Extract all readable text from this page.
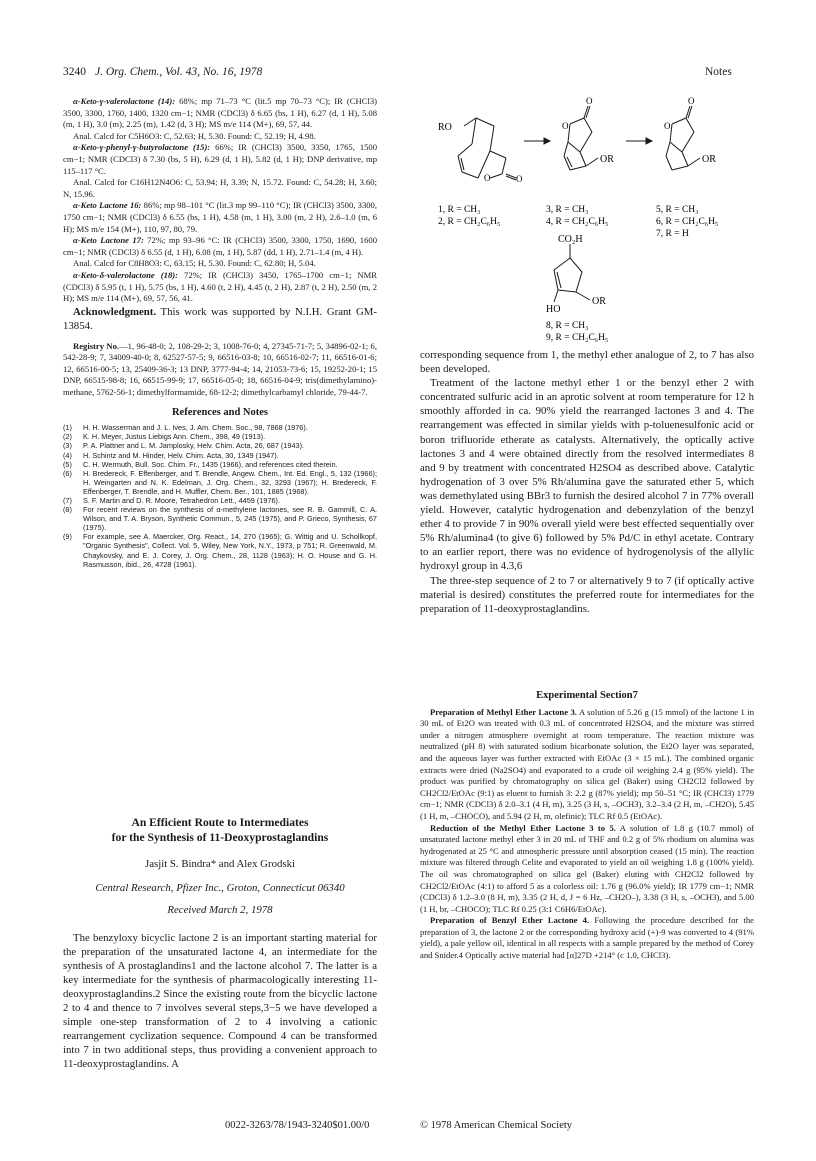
3240 J. Org. Chem., Vol. 43, No. 16, 1978	Notes

α-Keto-γ-valerolactone (14): 68%; mp 71–73 °C (lit.5 mp 70–73 °C); IR (CHCl3) 3500, 3300, 1760, 1400, 1320 cm−1; NMR (CDCl3) δ 6.65 (bs, 1 H), 6.27 (d, 1 H), 5.08 (m, 1 H), 3.0 (m), 2.25 (m), 1.42 (d, 3 H); MS m/e 114 (M+), 69, 57, 44.

Anal. Calcd for C5H6O3: C, 52.63; H, 5.30. Found: C, 52.19; H, 4.98.

α-Keto-γ-phenyl-γ-butyrolactone (15): 66%; IR (CHCl3) 3500, 3350, 1765, 1500 cm−1; NMR (CDCl3) δ 7.30 (bs, 5 H), 6.29 (d, 1 H), 5.82 (d, 1 H); DNP derivative, mp 115–117 °C.

Anal. Calcd for C16H12N4O6: C, 53.94; H, 3.39; N, 15.72. Found: C, 54.28; H, 3.60; N, 15.96.

α-Keto Lactone 16: 86%; mp 98–101 °C (lit.3 mp 99–110 °C); IR (CHCl3) 3500, 3300, 1750 cm−1; NMR (CDCl3) δ 6.55 (bs, 1 H), 4.58 (m, 1 H), 3.00 (m, 2 H), 2.6–1.0 (m, 6 H); MS m/e 154 (M+), 110, 97, 80, 79.

α-Keto Lactone 17: 72%; mp 93–96 °C: IR (CHCl3) 3500, 3300, 1750, 1690, 1600 cm−1; NMR (CDCl3) δ 6.55 (d, 1 H), 6.08 (m, 1 H), 5.87 (dd, 1 H), 2.71–1.4 (m, 4 H).

Anal. Calcd for C8H8O3: C, 63.15; H, 5.30. Found: C, 62.80; H, 5.04.

α-Keto-δ-valerolactone (18): 72%; IR (CHCl3) 3450, 1765–1700 cm−1; NMR (CDCl3) δ 5.95 (t, 1 H), 5.75 (bs, 1 H), 4.60 (t, 2 H), 4.45 (t, 2 H), 2.87 (t, 2 H), 2.50 (m, 2 H); MS m/e 114 (M+), 69, 57, 56, 41.

Acknowledgment. This work was supported by N.I.H. Grant GM-13854.

Registry No.—1, 96-48-0; 2, 108-29-2; 3, 1008-76-0; 4, 27345-71-7; 5, 34896-02-1; 6, 542-28-9; 7, 34009-40-0; 8, 62527-57-5; 9, 66516-03-8; 10, 66516-02-7; 11, 66516-01-6; 12, 66516-00-5; 13, 25409-36-3; 13 DNP, 3777-94-4; 14, 21053-73-6; 15, 19252-20-1; 15 DNP, 66515-98-8; 16, 66515-99-9; 17, 66516-05-0; 18, 66516-04-9; tris(dimethylamino)-methane, 5762-56-1; dimethylformamide, 68-12-2; dimethylcarbamyl chloride, 79-44-7.

References and Notes
(1)	H. H. Wasserman and J. L. Ives, J. Am. Chem. Soc., 98, 7868 (1976).
(2)	K. H. Meyer, Justus Liebigs Ann. Chem., 398, 49 (1913).
(3)	P. A. Plattner and L. M. Jamplosky, Helv. Chim. Acta, 26, 687 (1943).
(4)	H. Schintz and M. Hinder, Helv. Chim. Acta, 30, 1349 (1947).
(5)	C. H. Wermuth, Bull. Soc. Chim. Fr., 1435 (1966), and references cited therein.
(6)	H. Bredereck, F. Effenberger, and T. Brendle, Angew. Chem., Int. Ed. Engl., 5, 132 (1966); H. Weingarten and N. K. Edelman, J. Org. Chem., 32, 3293 (1967); H. Bredereck, F. Effenberger, T. Brendle, and H. Muffler, Chem. Ber., 101, 1885 (1968).
(7)	S. F. Martin and D. R. Moore, Tetrahedron Lett., 4459 (1976).
(8)	For recent reviews on the synthesis of α-methylene lactones, see R. B. Gammill, C. A. Wilson, and T. A. Bryson, Synthetic Commun., 5, 245 (1975), and P. Grieco, Synthesis, 67 (1975).
(9)	For example, see A. Maercker, Org. React., 14, 270 (1965); G. Wittig and U. Schollkopf, "Organic Synthesis", Collect. Vol. 5, Wiley, New York, N.Y., 1973, p 751; R. Greenwald, M. Chaykovsky, and E. J. Corey, J. Org. Chem., 28, 1128 (1963); H. O. House and G. H. Rasmusson, ibid., 26, 4728 (1961).
An Efficient Route to Intermediates
for the Synthesis of 11-Deoxyprostaglandins
Jasjit S. Bindra* and Alex Grodski
Central Research, Pfizer Inc., Groton, Connecticut 06340
Received March 2, 1978

The benzyloxy bicyclic lactone 2 is an important starting material for the preparation of the unsaturated lactone 4, an intermediate for the synthesis of A prostaglandins1 and the lactone alcohol 7. The latter is a key intermediate for the synthesis of pharmacologically interesting 11-deoxyprostaglandins.2 Since the existing route from the bicyclic lactone 2 to 4 and thence to 7 involves several steps,3−5 we have developed a simple one-step transformation of 2 to 4 involving a cationic rearrangement cyclization sequence. Compound 4 can be transformed into 7 in two additional steps, thus providing a convenient approach to 11-deoxyprostaglandins. A

RO
O	O
1, R = CH₃
2, R = CH₂C₆H₅
O
O
OR
3, R = CH₃
4, R = CH₂C₆H₅
O
O
OR
5, R = CH₃
6, R = CH₂C₆H₅
7, R = H
CO₂H
OR
HO
8, R = CH₃
9, R = CH₂C₆H₅

corresponding sequence from 1, the methyl ether analogue of 2, to 7 has also been developed.

Treatment of the lactone methyl ether 1 or the benzyl ether 2 with concentrated sulfuric acid in an aprotic solvent at room temperature for 12 h smoothly afforded in ca. 90% yield the rearranged lactones 3 and 4. The rearrangement was effected in similar yields with p-toluenesulfonic acid or boron trifluoride etherate as catalysts. Alternatively, the optically active lactones 3 and 4 were obtained directly from the resolved intermediates 8 and 9 by treatment with concentrated H2SO4 as described above. Catalytic hydrogenation of 3 over 5% Rh/alumina gave the saturated ether 5, which was demethylated using BBr3 to furnish the desired alcohol 7 in 77% overall yield. However, catalytic hydrogenation and debenzylation of the benzyl ether 4 to provide 7 in 90% overall yield were best effected sequentially over 5% Rh/alumina4 (to give 6) followed by 5% Pd/C in ethyl acetate. Contrary to an earlier report, there was no evidence of hydrogenolysis of the allylic hydroxyl group in 4.3,6

The three-step sequence of 2 to 7 or alternatively 9 to 7 (if optically active material is desired) constitutes the preferred route for intermediates for the preparation of 11-deoxyprostaglandins.

Experimental Section7

Preparation of Methyl Ether Lactone 3. A solution of 5.26 g (15 mmol) of the lactone 1 in 30 mL of Et2O was treated with 0.3 mL of concentrated H2SO4, and the mixture was stirred under a nitrogen atmosphere overnight at room temperature. The reaction mixture was neutralized (pH 8) with saturated sodium bicarbonate solution, the Et2O layer was separated, and the aqueous layer was further extracted with EtOAc (3 × 15 mL). The combined organic extracts were dried (Na2SO4) and evaporated to a crude oil weighing 2.4 g (95% yield). The product was purified by chromatography on silica gel (Baker) using CH2Cl2 followed by CH2Cl2/EtOAc (9:1) as eluent to furnish 3: 2.2 g (87% yield); mp 50–51 °C; IR (CHCl3) 1779 cm−1; NMR (CDCl3) δ 2.0–3.1 (4 H, m), 3.25 (3 H, s, –OCH3), 3.2–3.4 (2 H, m, –CH2O), 5.45 (1 H, m, –CHOCO), and 5.94 (2 H, m, olefinic); TLC Rf 0.5 (EtOAc).

Reduction of the Methyl Ether Lactone 3 to 5. A solution of 1.8 g (10.7 mmol) of unsaturated lactone methyl ether 3 in 20 mL of THF and 0.2 g of 5% rhodium on alumina was hydrogenated at 25 °C and atmospheric pressure until absorption ceased (15 min). The reaction mixture was filtered through Celite and evaporated to yield an oil weighing 1.8 g (100% yield). The oil was chromatographed on silica gel (Baker) eluting with CH2Cl2 followed by CH2Cl2/EtOAc (4:1) to afford 5 as a colorless oil: 1.76 g (96.0% yield); IR 1779 cm−1; NMR (CDCl3) δ 1.2–3.0 (8 H, m), 3.35 (2 H, d, J = 6 Hz, –CH2O–), 3.38 (3 H, s, –OCH3), and 5.00 (1 H, br, –CHOCO); TLC Rf 0.25 (3:1 C6H6/EtOAc).

Preparation of Benzyl Ether Lactone 4. Following the procedure described for the preparation of 3, the lactone 2 or the corresponding hydroxy acid (+)-9 was converted to 4 (91% yield), a pale yellow oil, identical in all respects with a sample prepared by the method of Corey and Snider.4 Optically active material had [α]27D +214° (c 1.0, CHCl3).

0022-3263/78/1943-3240$01.00/0	© 1978 American Chemical Society
